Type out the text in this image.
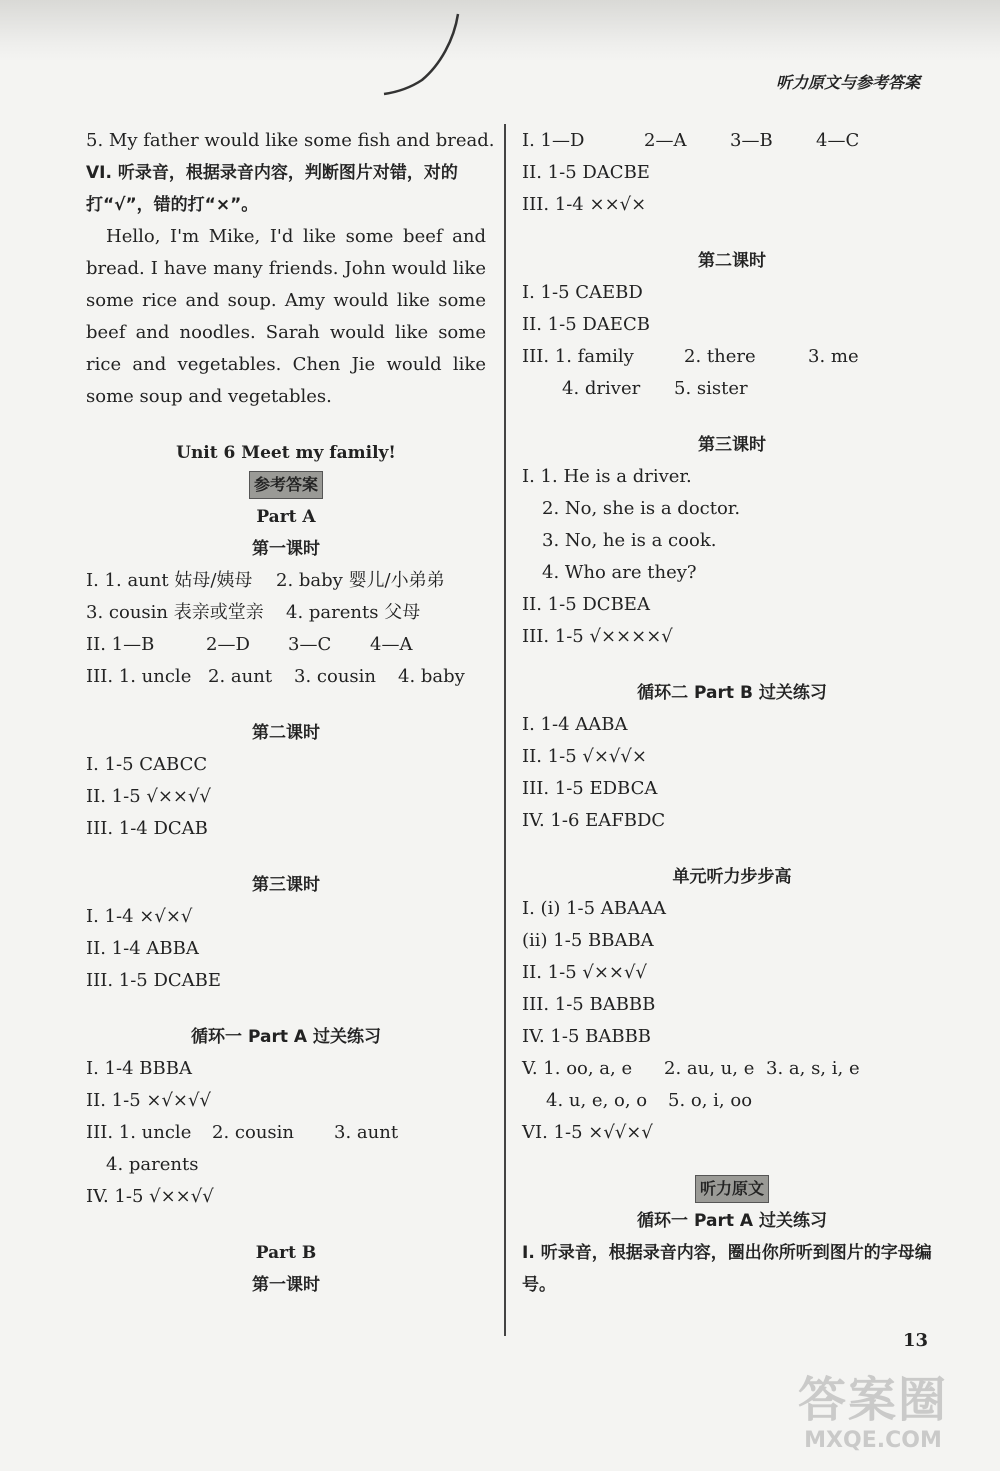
听力原文与参考答案
5. My father would like some fish and bread.
VI. 听录音，根据录音内容，判断图片对错，对的打“√”，错的打“×”。

Hello, I'm Mike, I'd like some beef and bread. I have many friends. John would like some rice and soup. Amy would like some beef and noodles. Sarah would like some rice and vegetables. Chen Jie would like some soup and vegetables.

Unit 6 Meet my family!
参考答案
Part A
第一课时
I. 1. aunt 姑母/姨母	2. baby 婴儿/小弟弟
3. cousin 表亲或堂亲	4. parents 父母
II. 1—B	2—D	3—C	4—A
III. 1. uncle 2. aunt	3. cousin	4. baby
第二课时
I. 1-5 CABCC
II. 1-5 √××√√
III. 1-4 DCAB
第三课时
I. 1-4 ×√×√
II. 1-4 ABBA
III. 1-5 DCABE
循环一 Part A 过关练习
I. 1-4 BBBA
II. 1-5 ×√×√√
III. 1. uncle	2. cousin	3. aunt
4. parents
IV. 1-5 √××√√
Part B
第一课时
I. 1—D	2—A	3—B	4—C
II. 1-5 DACBE
III. 1-4 ××√×
第二课时
I. 1-5 CAEBD
II. 1-5 DAECB
III. 1. family	2. there	3. me
4. driver	5. sister
第三课时
I. 1. He is a driver.
2. No, she is a doctor.
3. No, he is a cook.
4. Who are they?
II. 1-5 DCBEA
III. 1-5 √××××√
循环二 Part B 过关练习
I. 1-4 AABA
II. 1-5 √×√√×
III. 1-5 EDBCA
IV. 1-6 EAFBDC
单元听力步步高
I. (i) 1-5 ABAAA
(ii) 1-5 BBABA
II. 1-5 √××√√
III. 1-5 BABBB
IV. 1-5 BABBB
V. 1. oo, a, e	2. au, u, e 3. a, s, i, e
4. u, e, o, o	5. o, i, oo
VI. 1-5 ×√√×√
听力原文
循环一 Part A 过关练习
I. 听录音，根据录音内容，圈出你所听到图片的字母编号。
13
答案圈
MXQE.COM
